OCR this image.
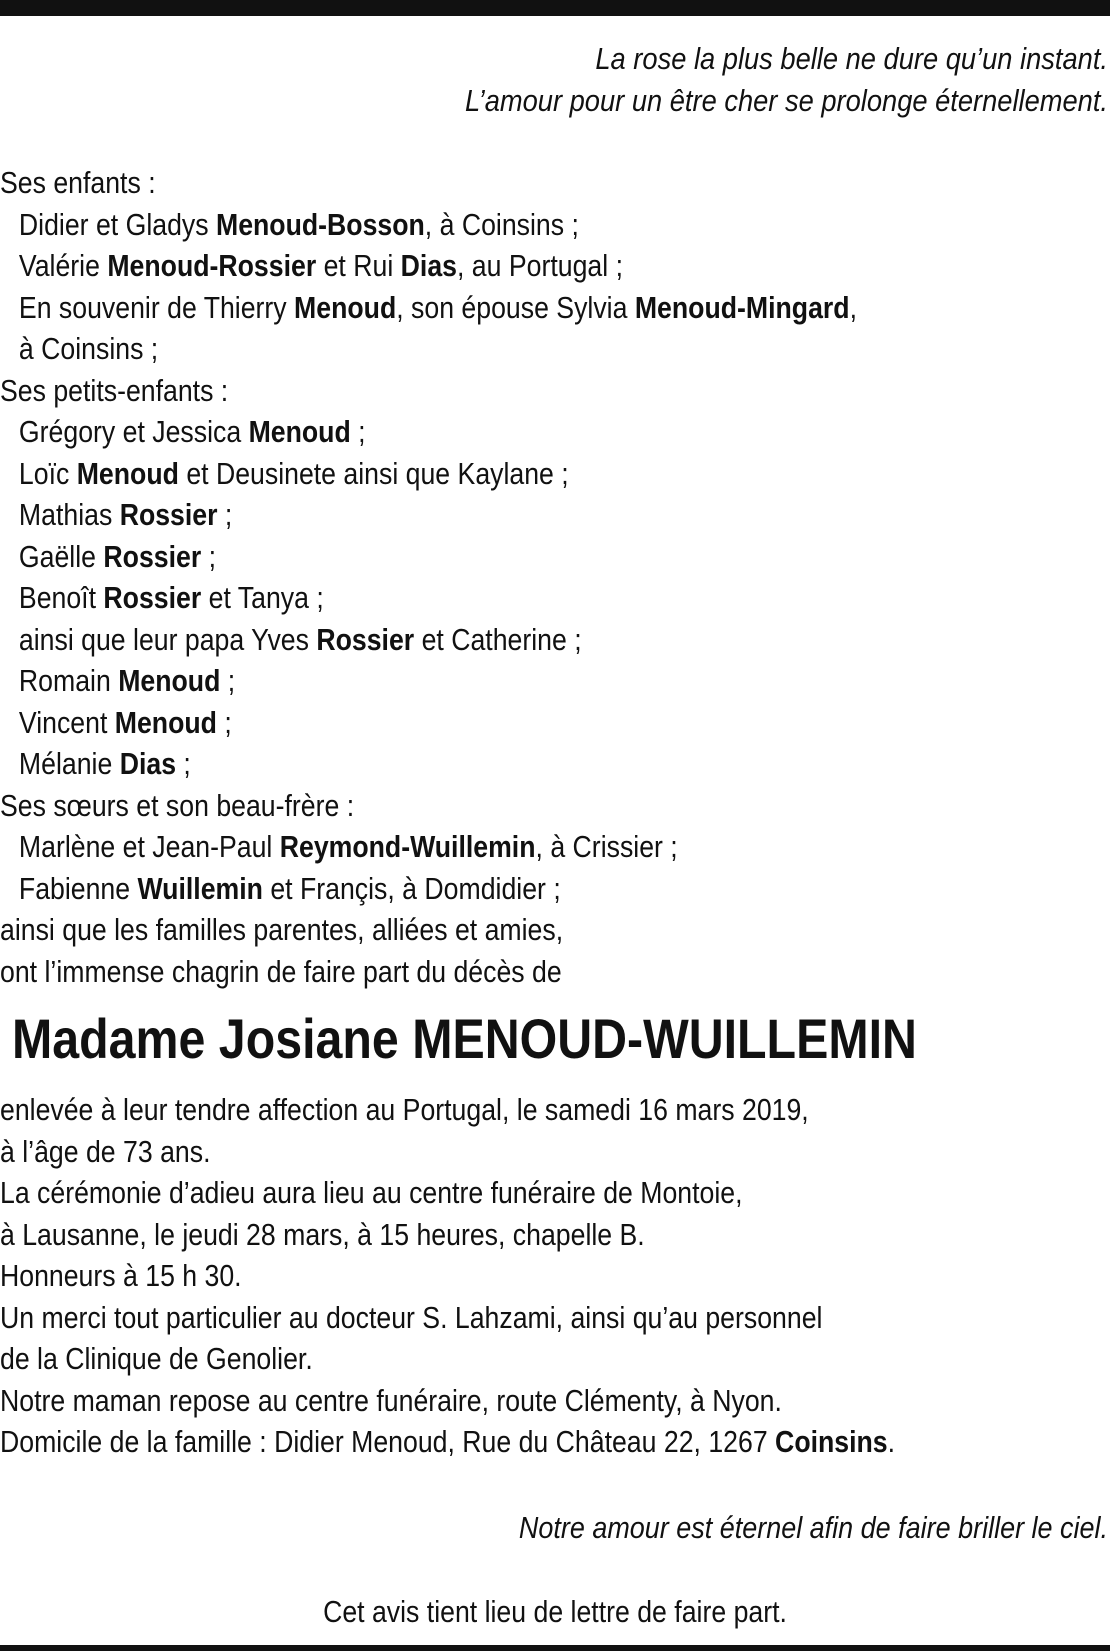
La rose la plus belle ne dure qu’un instant.
L’amour pour un être cher se prolonge éternellement.
Ses enfants :
Didier et Gladys Menoud-Bosson, à Coinsins ;
Valérie Menoud-Rossier et Rui Dias, au Portugal ;
En souvenir de Thierry Menoud, son épouse Sylvia Menoud-Mingard,
à Coinsins ;
Ses petits-enfants :
Grégory et Jessica Menoud ;
Loïc Menoud et Deusinete ainsi que Kaylane ;
Mathias Rossier ;
Gaëlle Rossier ;
Benoît Rossier et Tanya ;
ainsi que leur papa Yves Rossier et Catherine ;
Romain Menoud ;
Vincent Menoud ;
Mélanie Dias ;
Ses sœurs et son beau-frère :
Marlène et Jean-Paul Reymond-Wuillemin, à Crissier ;
Fabienne Wuillemin et Françis, à Domdidier ;
ainsi que les familles parentes, alliées et amies,
ont l’immense chagrin de faire part du décès de
Madame Josiane MENOUD-WUILLEMIN
enlevée à leur tendre affection au Portugal, le samedi 16 mars 2019,
à l’âge de 73 ans.
La cérémonie d’adieu aura lieu au centre funéraire de Montoie,
à Lausanne, le jeudi 28 mars, à 15 heures, chapelle B.
Honneurs à 15 h 30.
Un merci tout particulier au docteur S. Lahzami, ainsi qu’au personnel
de la Clinique de Genolier.
Notre maman repose au centre funéraire, route Clémenty, à Nyon.
Domicile de la famille : Didier Menoud, Rue du Château 22, 1267 Coinsins.
Notre amour est éternel afin de faire briller le ciel.
Cet avis tient lieu de lettre de faire part.
